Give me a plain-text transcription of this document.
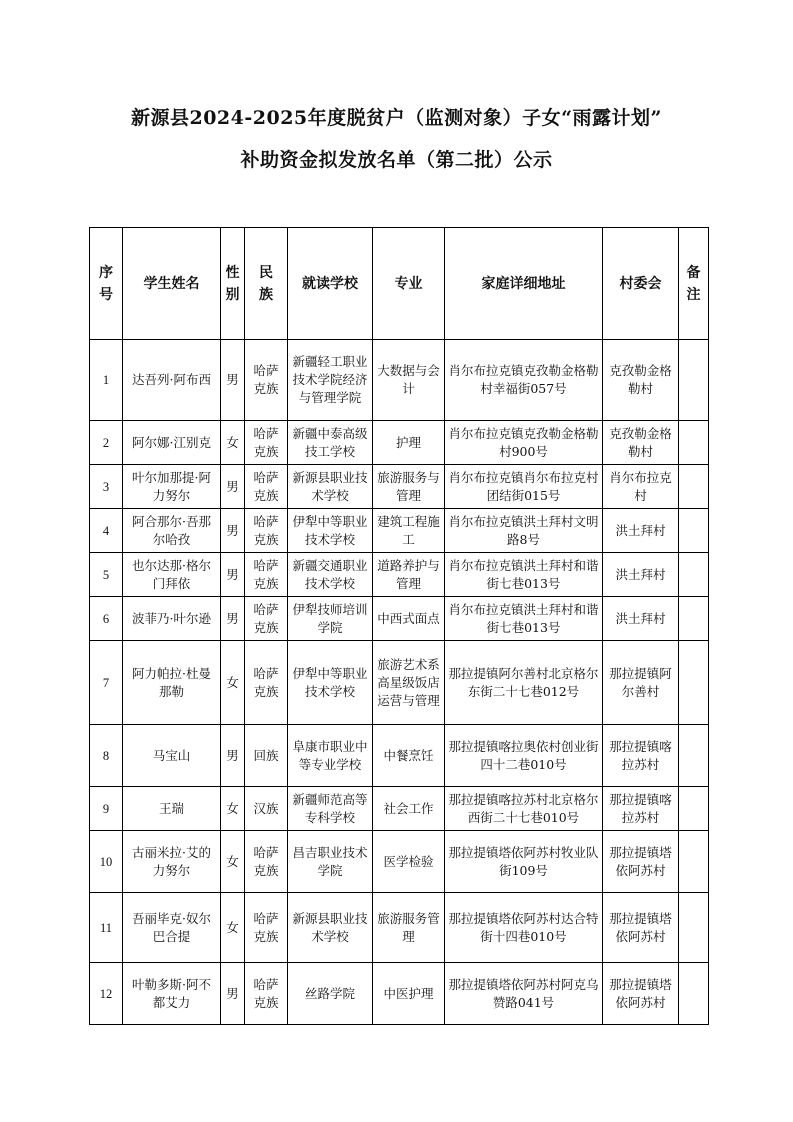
新源县2024-2025年度脱贫户（监测对象）子女“雨露计划”
补助资金拟发放名单（第二批）公示
序号	学生姓名	性别	民族	就读学校	专业	家庭详细地址	村委会	备注
1	达吾列·阿布西	男	哈萨克族	新疆轻工职业技术学院经济与管理学院	大数据与会计	肖尔布拉克镇克孜勒金格勒村幸福街057号	克孜勒金格勒村	
2	阿尔娜·江别克	女	哈萨克族	新疆中泰高级技工学校	护理	肖尔布拉克镇克孜勒金格勒村900号	克孜勒金格勒村	
3	叶尔加那提·阿力努尔	男	哈萨克族	新源县职业技术学校	旅游服务与管理	肖尔布拉克镇肖尔布拉克村团结街015号	肖尔布拉克村	
4	阿合那尔·吾那尔哈孜	男	哈萨克族	伊犁中等职业技术学校	建筑工程施工	肖尔布拉克镇洪土拜村文明路8号	洪土拜村	
5	也尔达那·格尔门拜依	男	哈萨克族	新疆交通职业技术学校	道路养护与管理	肖尔布拉克镇洪土拜村和谐街七巷013号	洪土拜村	
6	波菲乃·叶尔逊	男	哈萨克族	伊犁技师培训学院	中西式面点	肖尔布拉克镇洪土拜村和谐街七巷013号	洪土拜村	
7	阿力帕拉·杜曼那勒	女	哈萨克族	伊犁中等职业技术学校	旅游艺术系高星级饭店运营与管理	那拉提镇阿尔善村北京格尔东街二十七巷012号	那拉提镇阿尔善村	
8	马宝山	男	回族	阜康市职业中等专业学校	中餐烹饪	那拉提镇喀拉奥依村创业街四十二巷010号	那拉提镇喀拉苏村	
9	王瑞	女	汉族	新疆师范高等专科学校	社会工作	那拉提镇喀拉苏村北京格尔西街二十七巷010号	那拉提镇喀拉苏村	
10	古丽米拉·艾的力努尔	女	哈萨克族	昌吉职业技术学院	医学检验	那拉提镇塔依阿苏村牧业队街109号	那拉提镇塔依阿苏村	
11	吾丽毕克·奴尔巴合提	女	哈萨克族	新源县职业技术学校	旅游服务管理	那拉提镇塔依阿苏村达合特街十四巷010号	那拉提镇塔依阿苏村	
12	叶勒多斯·阿不都艾力	男	哈萨克族	丝路学院	中医护理	那拉提镇塔依阿苏村阿克乌赞路041号	那拉提镇塔依阿苏村	
